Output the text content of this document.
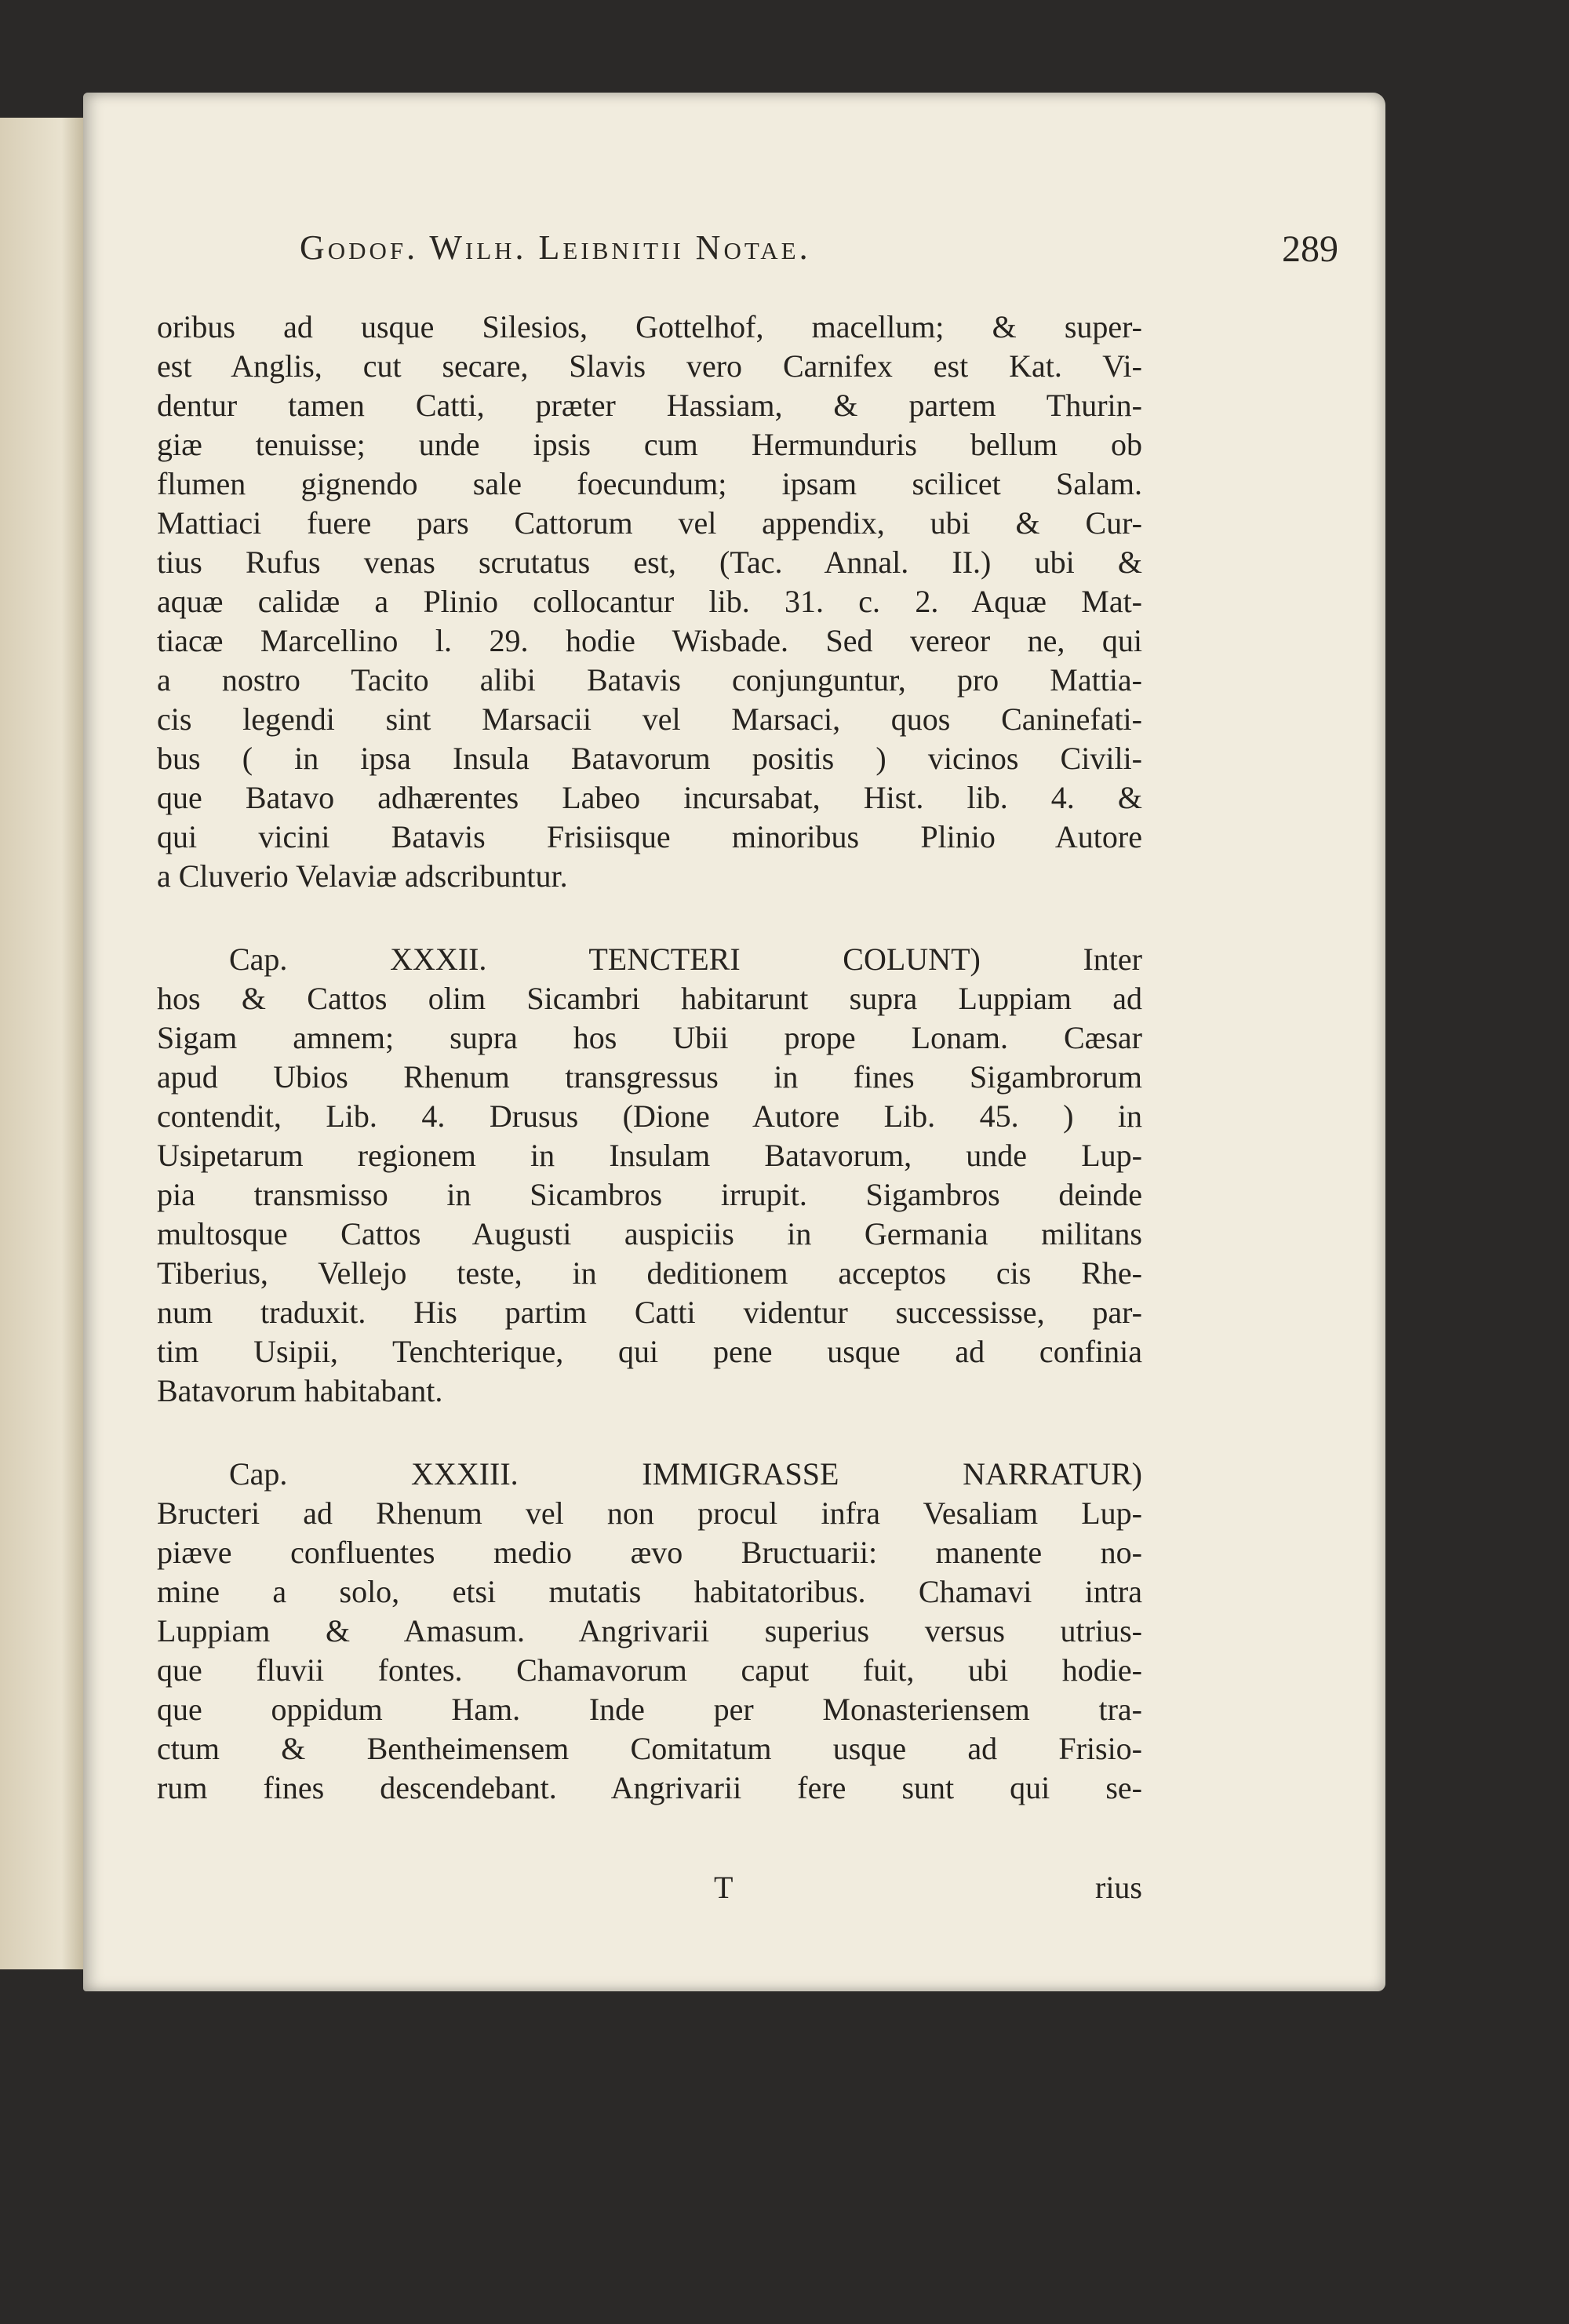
Godof. Wilh. Leibnitii Notae.	289
oribus ad usque Silesios, Gottelhof, macellum; & super-
est Anglis, cut secare, Slavis vero Carnifex est Kat. Vi-
dentur tamen Catti, præter Hassiam, & partem Thurin-
giæ tenuisse; unde ipsis cum Hermunduris bellum ob
flumen gignendo sale foecundum; ipsam scilicet Salam.
Mattiaci fuere pars Cattorum vel appendix, ubi & Cur-
tius Rufus venas scrutatus est, (Tac. Annal. II.) ubi &
aquæ calidæ a Plinio collocantur lib. 31. c. 2. Aquæ Mat-
tiacæ Marcellino l. 29. hodie Wisbade. Sed vereor ne, qui
a nostro Tacito alibi Batavis conjunguntur, pro Mattia-
cis legendi sint Marsacii vel Marsaci, quos Caninefati-
bus ( in ipsa Insula Batavorum positis ) vicinos Civili-
que Batavo adhærentes Labeo incursabat, Hist. lib. 4. &
qui vicini Batavis Frisiisque minoribus Plinio Autore
a Cluverio Velaviæ adscribuntur.
Cap. XXXII. TENCTERI COLUNT) Inter
hos & Cattos olim Sicambri habitarunt supra Luppiam ad
Sigam amnem; supra hos Ubii prope Lonam. Cæsar
apud Ubios Rhenum transgressus in fines Sigambrorum
contendit, Lib. 4. Drusus (Dione Autore Lib. 45. ) in
Usipetarum regionem in Insulam Batavorum, unde Lup-
pia transmisso in Sicambros irrupit. Sigambros deinde
multosque Cattos Augusti auspiciis in Germania militans
Tiberius, Vellejo teste, in deditionem acceptos cis Rhe-
num traduxit. His partim Catti videntur successisse, par-
tim Usipii, Tenchterique, qui pene usque ad confinia
Batavorum habitabant.
Cap. XXXIII. IMMIGRASSE NARRATUR)
Bructeri ad Rhenum vel non procul infra Vesaliam Lup-
piæve confluentes medio ævo Bructuarii: manente no-
mine a solo, etsi mutatis habitatoribus. Chamavi intra
Luppiam & Amasum. Angrivarii superius versus utrius-
que fluvii fontes. Chamavorum caput fuit, ubi hodie-
que oppidum Ham. Inde per Monasteriensem tra-
ctum & Bentheimensem Comitatum usque ad Frisio-
rum fines descendebant. Angrivarii fere sunt qui se-
T	rius
